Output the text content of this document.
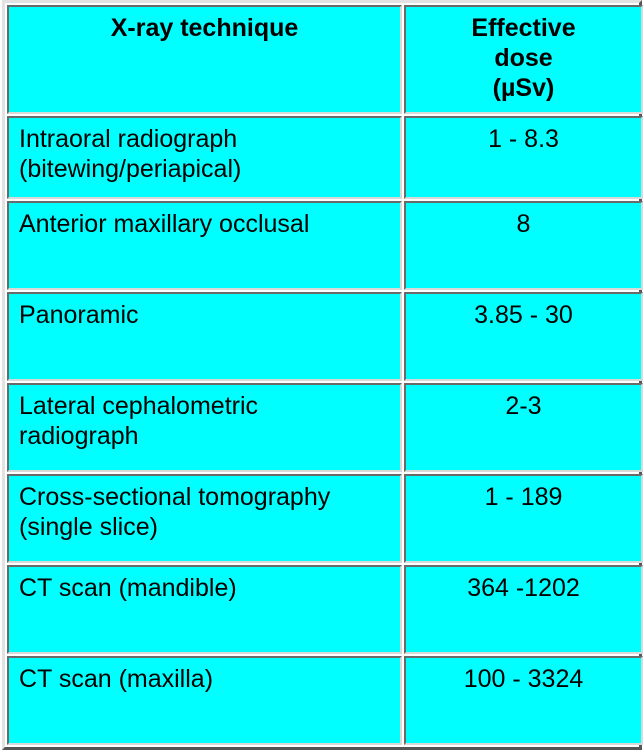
X-ray technique	Effective
dose
(µSv)

Intraoral radiograph
(bitewing/periapical)	1 - 8.3

Anterior maxillary occlusal	8

Panoramic	3.85 - 30

Lateral cephalometric
radiograph	2-3

Cross-sectional tomography
(single slice)	1 - 189

CT scan (mandible)	364 -1202

CT scan (maxilla)	100 - 3324
